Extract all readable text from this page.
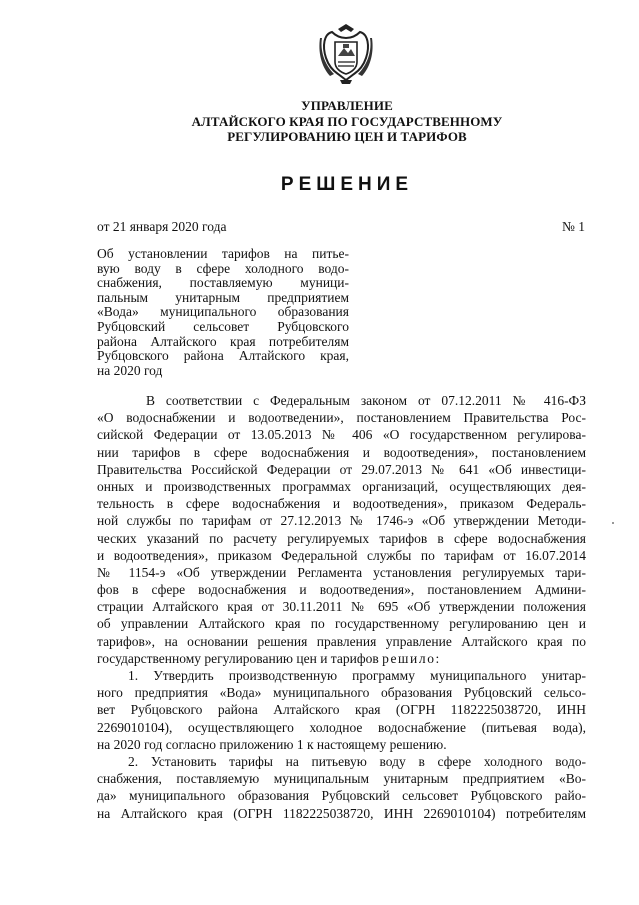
УПРАВЛЕНИЕ
АЛТАЙСКОГО КРАЯ ПО ГОСУДАРСТВЕННОМУ
РЕГУЛИРОВАНИЮ ЦЕН И ТАРИФОВ
РЕШЕНИЕ
от 21 января 2020 года	№ 1
Об установлении тарифов на питье-
вую воду в сфере холодного водо-
снабжения, поставляемую муници-
пальным унитарным предприятием
«Вода» муниципального образования
Рубцовский сельсовет Рубцовского
района Алтайского края потребителям
Рубцовского района Алтайского края,
на 2020 год
В соответствии с Федеральным законом от 07.12.2011 № 416-ФЗ
«О водоснабжении и водоотведении», постановлением Правительства Рос-
сийской Федерации от 13.05.2013 № 406 «О государственном регулирова-
нии тарифов в сфере водоснабжения и водоотведения», постановлением
Правительства Российской Федерации от 29.07.2013 № 641 «Об инвестици-
онных и производственных программах организаций, осуществляющих дея-
тельность в сфере водоснабжения и водоотведения», приказом Федераль-
ной службы по тарифам от 27.12.2013 № 1746-э «Об утверждении Методи-
ческих указаний по расчету регулируемых тарифов в сфере водоснабжения
и водоотведения», приказом Федеральной службы по тарифам от 16.07.2014
№ 1154-э «Об утверждении Регламента установления регулируемых тари-
фов в сфере водоснабжения и водоотведения», постановлением Админи-
страции Алтайского края от 30.11.2011 № 695 «Об утверждении положения
об управлении Алтайского края по государственному регулированию цен и
тарифов», на основании решения правления управление Алтайского края по
государственному регулированию цен и тарифов решило:
1. Утвердить производственную программу муниципального унитар-
ного предприятия «Вода» муниципального образования Рубцовский сельсо-
вет Рубцовского района Алтайского края (ОГРН 1182225038720, ИНН
2269010104), осуществляющего холодное водоснабжение (питьевая вода),
на 2020 год согласно приложению 1 к настоящему решению.
2. Установить тарифы на питьевую воду в сфере холодного водо-
снабжения, поставляемую муниципальным унитарным предприятием «Во-
да» муниципального образования Рубцовский сельсовет Рубцовского райо-
на Алтайского края (ОГРН 1182225038720, ИНН 2269010104) потребителям
